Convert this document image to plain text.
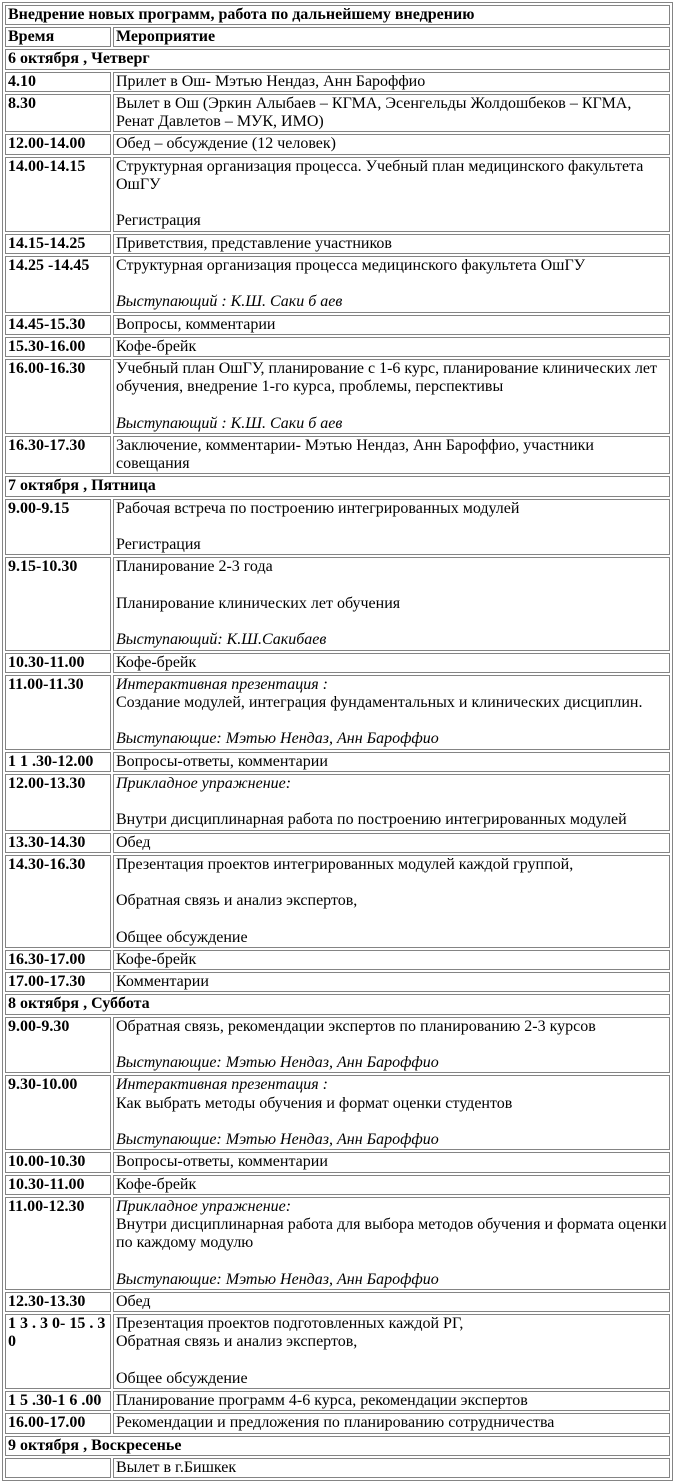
Внедрение новых программ, работа по дальнейшему внедрению	
Время	Мероприятие
6 октября , Четверг	
4.10	Прилет в Ош- Мэтью Нендаз, Анн Бароффио

8.30	Вылет в Ош (Эркин Алыбаев – КГМА, Эсенгельды Жолдошбеков – КГМА, Ренат Давлетов – МУК, ИМО)

12.00-14.00	Обед – обсуждение (12 человек)

14.00-14.15	Структурная организация процесса. Учебный план медицинского факультета ОшГУ

Регистрация

14.15-14.25	Приветствия, представление участников

14.25 -14.45	Структурная организация процесса медицинского факультета ОшГУ

Выступающий : К.Ш. Саки б аев

14.45-15.30	Вопросы, комментарии

15.30-16.00	Кофе-брейк

16.00-16.30	Учебный план ОшГУ, планирование с 1-6 курс, планирование клинических лет обучения, внедрение 1-го курса, проблемы, перспективы

Выступающий : К.Ш. Саки б аев

16.30-17.30	Заключение, комментарии- Мэтью Нендаз, Анн Бароффио, участники совещания

7 октября , Пятница	
9.00-9.15	Рабочая встреча по построению интегрированных модулей

Регистрация

9.15-10.30	Планирование 2-3 года

Планирование клинических лет обучения

Выступающий: К.Ш.Сакибаев

10.30-11.00	Кофе-брейк

11.00-11.30	Интерактивная презентация :
Создание модулей, интеграция фундаментальных и клинических дисциплин.

Выступающие: Мэтью Нендаз, Анн Бароффио

1 1 .30-12.00	Вопросы-ответы, комментарии

12.00-13.30	Прикладное упражнение:

Внутри дисциплинарная работа по построению интегрированных модулей

13.30-14.30	Обед

14.30-16.30	Презентация проектов интегрированных модулей каждой группой,

Обратная связь и анализ экспертов,

Общее обсуждение

16.30-17.00	Кофе-брейк

17.00-17.30	Комментарии

8 октября , Суббота	
9.00-9.30	Обратная связь, рекомендации экспертов по планированию 2-3 курсов

Выступающие: Мэтью Нендаз, Анн Бароффио

9.30-10.00	Интерактивная презентация :
Как выбрать методы обучения и формат оценки студентов

Выступающие: Мэтью Нендаз, Анн Бароффио

10.00-10.30	Вопросы-ответы, комментарии

10.30-11.00	Кофе-брейк

11.00-12.30	Прикладное упражнение:
Внутри дисциплинарная работа для выбора методов обучения и формата оценки по каждому модулю

Выступающие: Мэтью Нендаз, Анн Бароффио

12.30-13.30	Обед

1 3 . 3 0- 15 . 3 0	Презентация проектов подготовленных каждой РГ,
Обратная связь и анализ экспертов,

Общее обсуждение

1 5 .30-1 6 .00	Планирование программ 4-6 курса, рекомендации экспертов

16.00-17.00	Рекомендации и предложения по планированию сотрудничества

9 октября , Воскресенье	

	Вылет в г.Бишкек
